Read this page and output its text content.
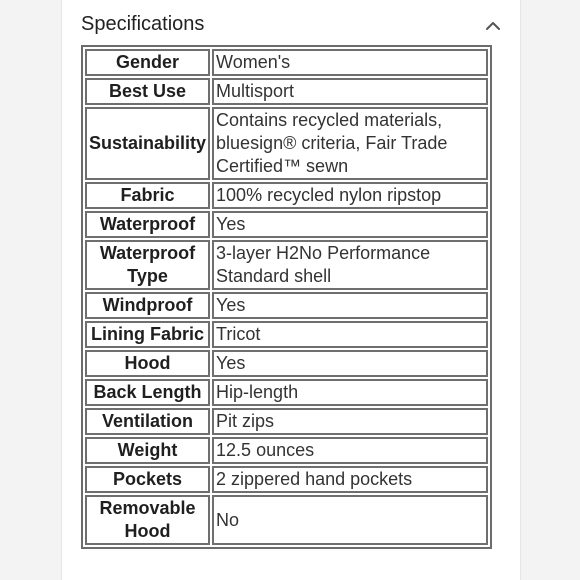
Specifications
Gender	Women's
Best Use	Multisport
Sustainability	Contains recycled materials, bluesign® criteria, Fair Trade Certified™ sewn
Fabric	100% recycled nylon ripstop
Waterproof	Yes
Waterproof Type	3-layer H2No Performance Standard shell
Windproof	Yes
Lining Fabric	Tricot
Hood	Yes
Back Length	Hip-length
Ventilation	Pit zips
Weight	12.5 ounces
Pockets	2 zippered hand pockets
Removable Hood	No
